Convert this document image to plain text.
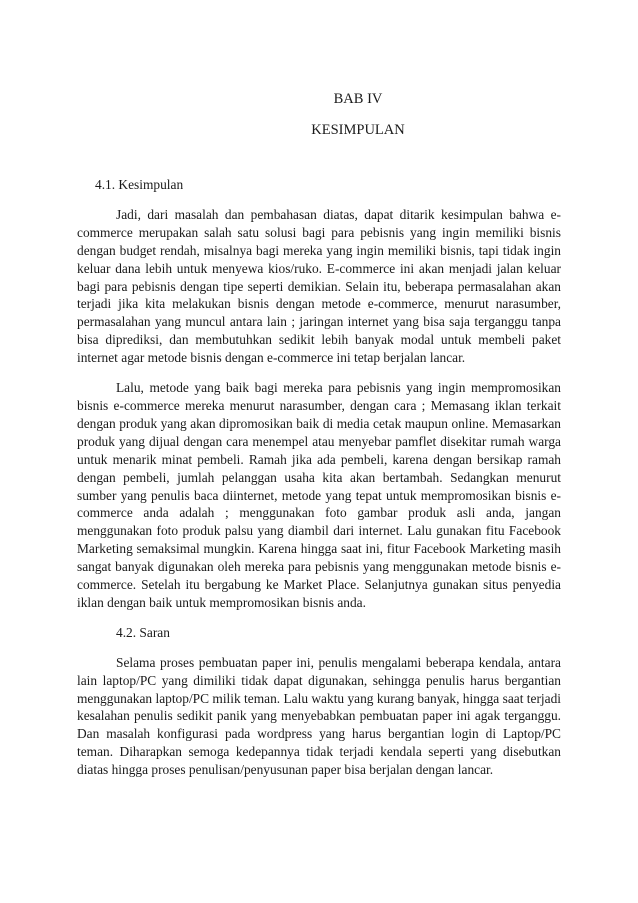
BAB IV
KESIMPULAN
4.1. Kesimpulan

Jadi, dari masalah dan pembahasan diatas, dapat ditarik kesimpulan bahwa e-commerce merupakan salah satu solusi bagi para pebisnis yang ingin memiliki bisnis dengan budget rendah, misalnya bagi mereka yang ingin memiliki bisnis, tapi tidak ingin keluar dana lebih untuk menyewa kios/ruko. E-commerce ini akan menjadi jalan keluar bagi para pebisnis dengan tipe seperti demikian. Selain itu, beberapa permasalahan akan terjadi jika kita melakukan bisnis dengan metode e-commerce, menurut narasumber, permasalahan yang muncul antara lain ; jaringan internet yang bisa saja terganggu tanpa bisa diprediksi, dan membutuhkan sedikit lebih banyak modal untuk membeli paket internet agar metode bisnis dengan e-commerce ini tetap berjalan lancar.

Lalu, metode yang baik bagi mereka para pebisnis yang ingin mempromosikan bisnis e-commerce mereka menurut narasumber, dengan cara ; Memasang iklan terkait dengan produk yang akan dipromosikan baik di media cetak maupun online. Memasarkan produk yang dijual dengan cara menempel atau menyebar pamflet disekitar rumah warga untuk menarik minat pembeli. Ramah jika ada pembeli, karena dengan bersikap ramah dengan pembeli, jumlah pelanggan usaha kita akan bertambah. Sedangkan menurut sumber yang penulis baca diinternet, metode yang tepat untuk mempromosikan bisnis e-commerce anda adalah ; menggunakan foto gambar produk asli anda, jangan menggunakan foto produk palsu yang diambil dari internet. Lalu gunakan fitu Facebook Marketing semaksimal mungkin. Karena hingga saat ini, fitur Facebook Marketing masih sangat banyak digunakan oleh mereka para pebisnis yang menggunakan metode bisnis e-commerce. Setelah itu bergabung ke Market Place. Selanjutnya gunakan situs penyedia iklan dengan baik untuk mempromosikan bisnis anda.

4.2. Saran

Selama proses pembuatan paper ini, penulis mengalami beberapa kendala, antara lain laptop/PC yang dimiliki tidak dapat digunakan, sehingga penulis harus bergantian menggunakan laptop/PC milik teman. Lalu waktu yang kurang banyak, hingga saat terjadi kesalahan penulis sedikit panik yang menyebabkan pembuatan paper ini agak terganggu. Dan masalah konfigurasi pada wordpress yang harus bergantian login di Laptop/PC teman. Diharapkan semoga kedepannya tidak terjadi kendala seperti yang disebutkan diatas hingga proses penulisan/penyusunan paper bisa berjalan dengan lancar.
